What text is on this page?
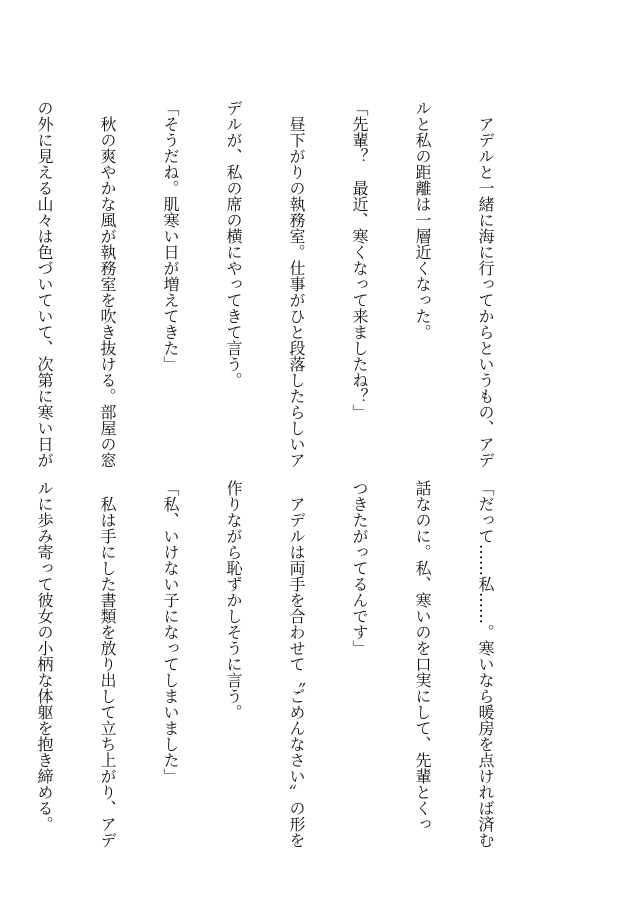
　アデルと一緒に海に行ってからというもの、アデ

ルと私の距離は一層近くなった。

「先輩？　最近、寒くなって来ましたね？」

　昼下がりの執務室。仕事がひと段落したらしいア

デルが、私の席の横にやってきて言う。

「そうだね。肌寒い日が増えてきた」

　秋の爽やかな風が執務室を吹き抜ける。部屋の窓

の外に見える山々は色づいていて、次第に寒い日が

「だって……私……。寒いなら暖房を点ければ済む

話なのに。私、寒いのを口実にして、先輩とくっ

つきたがってるんです」

　アデルは両手を合わせて〝ごめんなさい〟の形を

作りながら恥ずかしそうに言う。

「私、いけない子になってしまいました」

　私は手にした書類を放り出して立ち上がり、アデ

ルに歩み寄って彼女の小柄な体躯を抱き締める。
